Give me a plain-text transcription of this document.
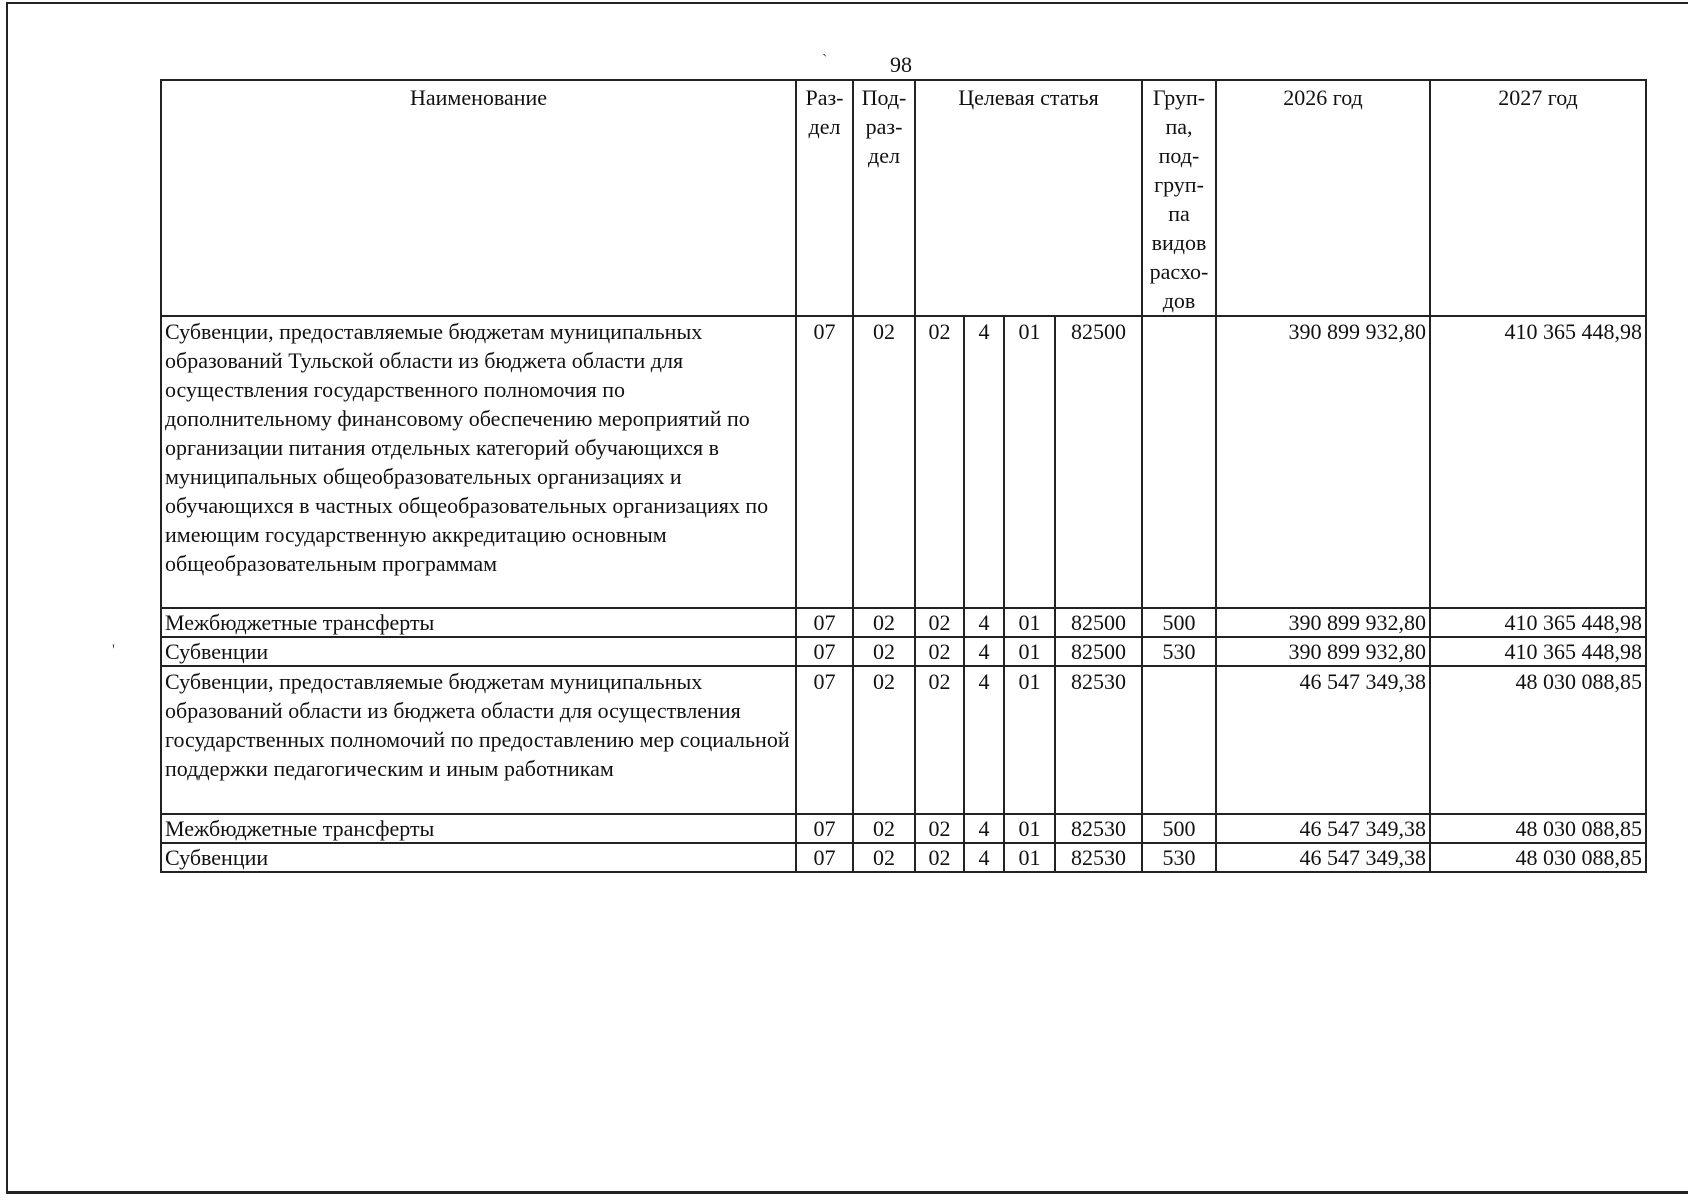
98
`
'
Наименование	Раз- дел	Под- раз- дел	Целевая статья				Груп- па, под- груп- па видов расхо- дов	2026 год	2027 год
Субвенции, предоставляемые бюджетам муниципальных образований Тульской области из бюджета области для осуществления государственного полномочия по дополнительному финансовому обеспечению мероприятий по организации питания отдельных категорий обучающихся в муниципальных общеобразовательных организациях и обучающихся в частных общеобразовательных организациях по имеющим государственную аккредитацию основным общеобразовательным программам	07	02	02	4	01	82500		390 899 932,80	410 365 448,98
Межбюджетные трансферты	07	02	02	4	01	82500	500	390 899 932,80	410 365 448,98
Субвенции	07	02	02	4	01	82500	530	390 899 932,80	410 365 448,98
Субвенции, предоставляемые бюджетам муниципальных образований области из бюджета области для осуществления государственных полномочий по предоставлению мер социальной поддержки педагогическим и иным работникам	07	02	02	4	01	82530		46 547 349,38	48 030 088,85
Межбюджетные трансферты	07	02	02	4	01	82530	500	46 547 349,38	48 030 088,85
Субвенции	07	02	02	4	01	82530	530	46 547 349,38	48 030 088,85
